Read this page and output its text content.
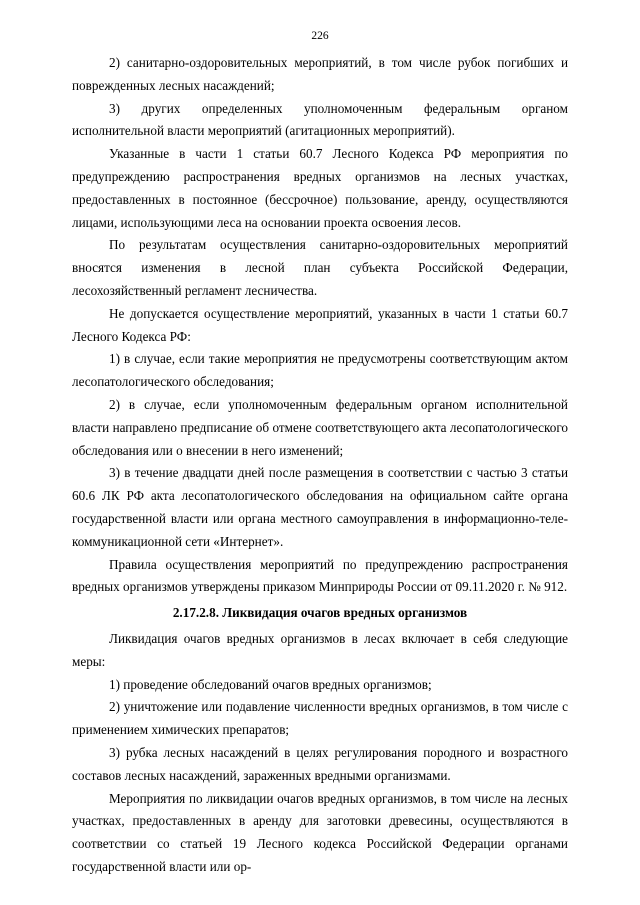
226

2) санитарно-оздоровительных мероприятий, в том числе рубок погибших и поврежденных лесных насаждений;

3) других определенных уполномоченным федеральным органом исполнительной власти мероприятий (агитационных мероприятий).

Указанные в части 1 статьи 60.7 Лесного Кодекса РФ мероприятия по предупреждению распространения вредных организмов на лесных участках, предоставленных в постоянное (бессрочное) пользование, аренду, осуществляются лицами, использующими леса на основании проекта освоения лесов.

По результатам осуществления санитарно-оздоровительных мероприятий вносятся изменения в лесной план субъекта Российской Федерации, лесохозяйственный регламент лесничества.

Не допускается осуществление мероприятий, указанных в части 1 статьи 60.7 Лесного Кодекса РФ:

1) в случае, если такие мероприятия не предусмотрены соответствующим актом лесопатологического обследования;

2) в случае, если уполномоченным федеральным органом исполнительной власти направлено предписание об отмене соответствующего акта лесопатологического обследования или о внесении в него изменений;

3) в течение двадцати дней после размещения в соответствии с частью 3 статьи 60.6 ЛК РФ акта лесопатологического обследования на официальном сайте органа государственной власти или органа местного самоуправления в информационно-теле-коммуникационной сети «Интернет».

Правила осуществления мероприятий по предупреждению распространения вредных организмов утверждены приказом Минприроды России от 09.11.2020 г. № 912.

2.17.2.8. Ликвидация очагов вредных организмов

Ликвидация очагов вредных организмов в лесах включает в себя следующие меры:

1) проведение обследований очагов вредных организмов;

2) уничтожение или подавление численности вредных организмов, в том числе с применением химических препаратов;

3) рубка лесных насаждений в целях регулирования породного и возрастного составов лесных насаждений, зараженных вредными организмами.

Мероприятия по ликвидации очагов вредных организмов, в том числе на лесных участках, предоставленных в аренду для заготовки древесины, осуществляются в соответствии со статьей 19 Лесного кодекса Российской Федерации органами государственной власти или ор-
